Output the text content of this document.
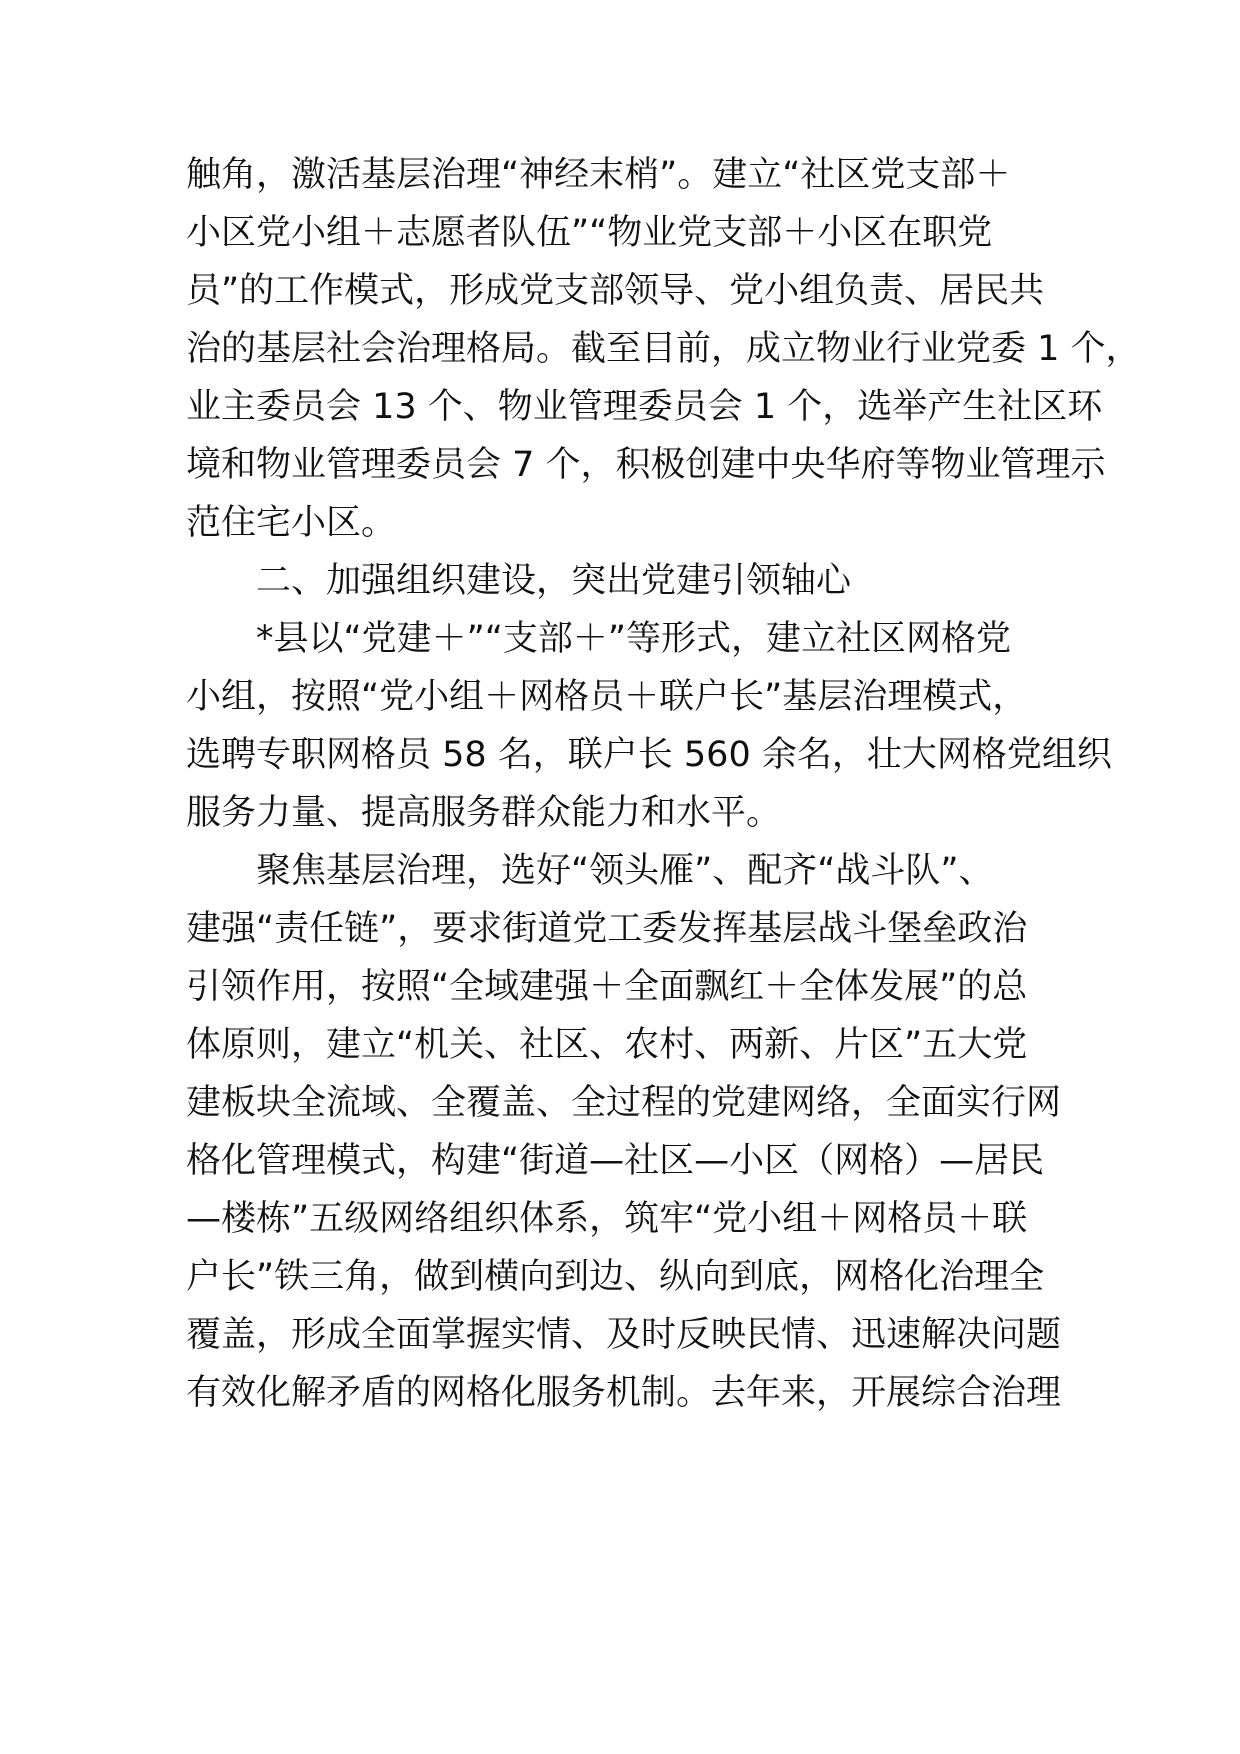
触角，激活基层治理“神经末梢”。建立“社区党支部＋
小区党小组＋志愿者队伍”“物业党支部＋小区在职党
员”的工作模式，形成党支部领导、党小组负责、居民共
治的基层社会治理格局。截至目前，成立物业行业党委 1 个，
业主委员会 13 个、物业管理委员会 1 个，选举产生社区环
境和物业管理委员会 7 个，积极创建中央华府等物业管理示
范住宅小区。
二、加强组织建设，突出党建引领轴心
*县以“党建＋”“支部＋”等形式，建立社区网格党
小组，按照“党小组＋网格员＋联户长”基层治理模式，
选聘专职网格员 58 名，联户长 560 余名，壮大网格党组织
服务力量、提高服务群众能力和水平。
聚焦基层治理，选好“领头雁”、配齐“战斗队”、
建强“责任链”，要求街道党工委发挥基层战斗堡垒政治
引领作用，按照“全域建强＋全面飘红＋全体发展”的总
体原则，建立“机关、社区、农村、两新、片区”五大党
建板块全流域、全覆盖、全过程的党建网络，全面实行网
格化管理模式，构建“街道—社区—小区（网格）—居民
—楼栋”五级网络组织体系，筑牢“党小组＋网格员＋联
户长”铁三角，做到横向到边、纵向到底，网格化治理全
覆盖，形成全面掌握实情、及时反映民情、迅速解决问题
有效化解矛盾的网格化服务机制。去年来，开展综合治理
